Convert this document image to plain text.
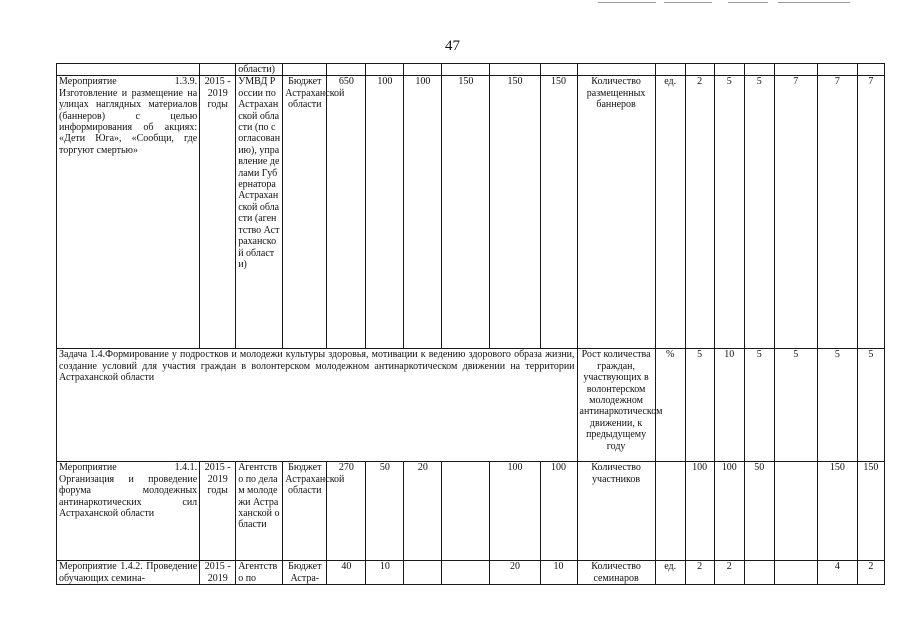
47
		области)															
Мероприятие 1.3.9. Изготовление и размещение на улицах наглядных материалов (баннеров) с целью информирования об акциях: «Дети Юга», «Сообщи, где торгуют смертью»	2015 - 2019 годы	УМВД России по Астраханской области (по согласованию), управление делами Губернатора Астраханской области (агентство Астраханской области)	Бюджет Астраханской области	650	100	100	150	150	150	Количество размещенных баннеров	ед.	2	5	5	7	7	7
Задача 1.4.Формирование у подростков и молодежи культуры здоровья, мотивации к ведению здорового образа жизни, создание условий для участия граждан в волонтерском молодежном антинаркотическом движении на территории Астраханской области										Рост количества граждан, участвующих в волонтерском молодежном антинаркотическом движении, к предыдущему году	%	5	10	5	5	5	5
Мероприятие 1.4.1. Организация и проведение форума молодежных антинаркотических сил Астраханской области	2015 - 2019 годы	Агентство по делам молодежи Астраханской области	Бюджет Астраханской области	270	50	20		100	100	Количество участников		100	100	50		150	150
Мероприятие 1.4.2. Проведение обучающих семина-	2015 - 2019	Агентство по	Бюджет Астра-	40	10			20	10	Количество семинаров	ед.	2	2			4	2
